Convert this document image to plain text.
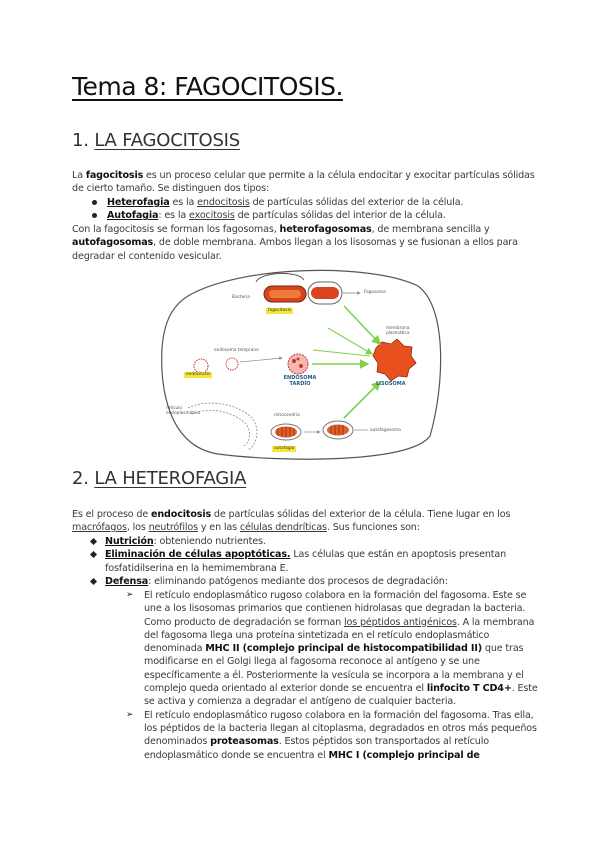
Tema 8: FAGOCITOSIS.
1. LA FAGOCITOSIS
La fagocitosis es un proceso celular que permite a la célula endocitar y exocitar partículas sólidas de cierto tamaño. Se distinguen dos tipos:
Heterofagia es la endocitosis de partículas sólidas del exterior de la célula.
Autofagia: es la exocitosis de partículas sólidas del interior de la célula.
Con la fagocitosis se forman los fagosomas, heterofagosomas, de membrana sencilla y autofagosomas, de doble membrana. Ambos llegan a los lisosomas y se fusionan a ellos para degradar el contenido vesicular.
Bacteria
Fagosoma
fagocitosis
endosoma temprano
endocitosis
ENDOSOMA TARDÍO	LISOSOMA
membrana plasmática
retículo endoplasmático	mitocondria
autofagia
autofagosoma
2. LA HETEROFAGIA
Es el proceso de endocitosis de partículas sólidas del exterior de la célula. Tiene lugar en los macrófagos, los neutrófilos y en las células dendríticas. Sus funciones son:
Nutrición: obteniendo nutrientes.
Eliminación de células apoptóticas. Las células que están en apoptosis presentan fosfatidilserina en la hemimembrana E.
Defensa: eliminando patógenos mediante dos procesos de degradación:
➢	El retículo endoplasmático rugoso colabora en la formación del fagosoma. Este se une a los lisosomas primarios que contienen hidrolasas que degradan la bacteria. Como producto de degradación se forman los péptidos antigénicos. A la membrana del fagosoma llega una proteína sintetizada en el retículo endoplasmático denominada MHC II (complejo principal de histocompatibilidad II) que tras modificarse en el Golgi llega al fagosoma reconoce al antígeno y se une específicamente a él. Posteriormente la vesícula se incorpora a la membrana y el complejo queda orientado al exterior donde se encuentra el linfocito T CD4+. Este se activa y comienza a degradar el antígeno de cualquier bacteria.
➢	El retículo endoplasmático rugoso colabora en la formación del fagosoma. Tras ella, los péptidos de la bacteria llegan al citoplasma, degradados en otros más pequeños denominados proteasomas. Estos péptidos son transportados al retículo endoplasmático donde se encuentra el MHC I (complejo principal de
